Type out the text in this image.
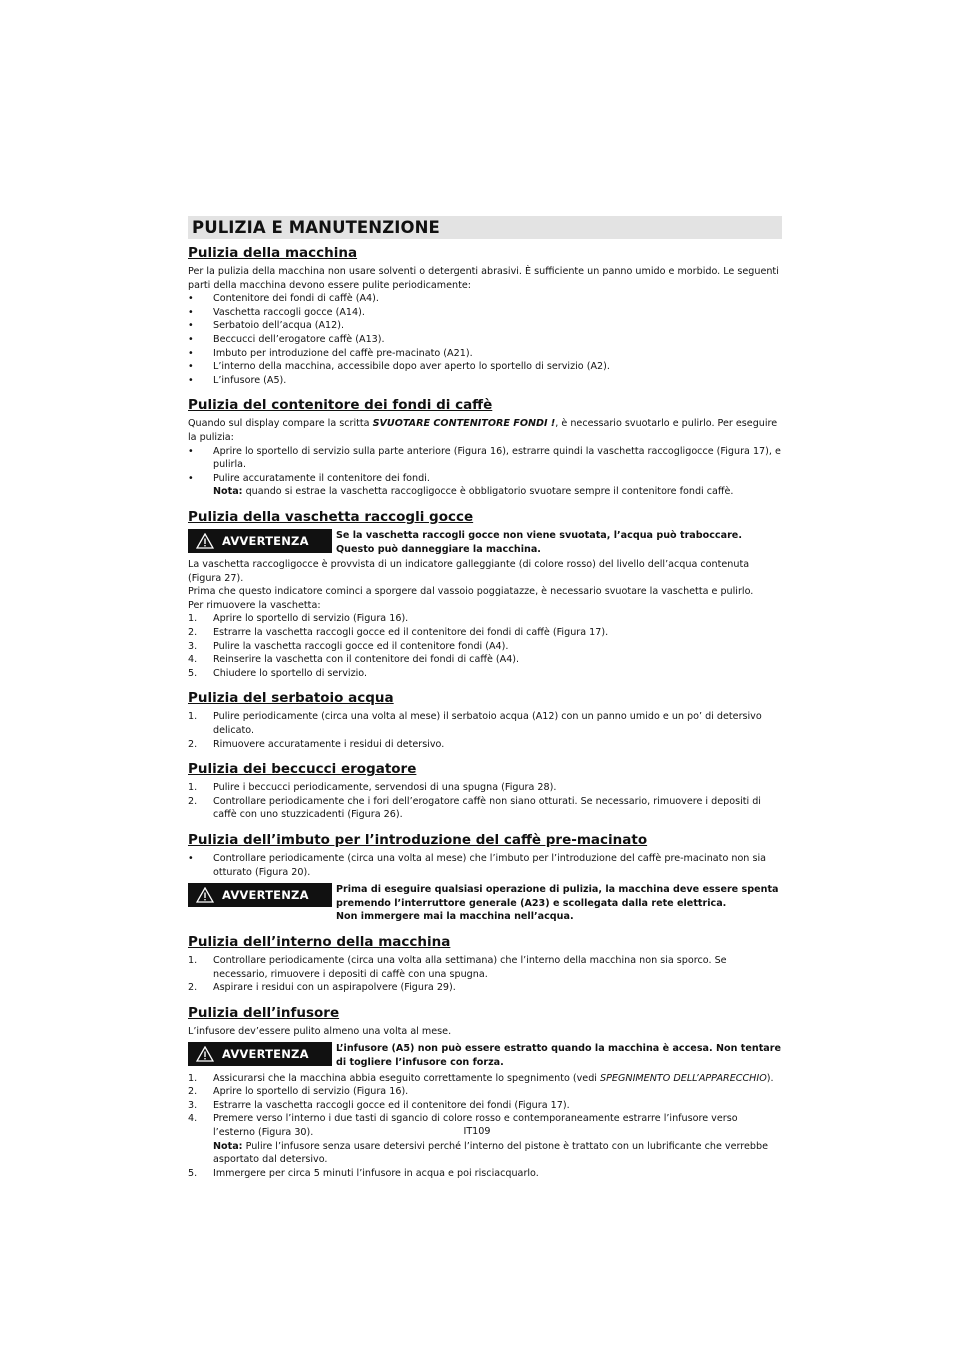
PULIZIA E MANUTENZIONE
Pulizia della macchina

Per la pulizia della macchina non usare solventi o detergenti abrasivi. È sufficiente un panno umido e morbido. Le seguenti parti della macchina devono essere pulite periodicamente:

• Contenitore dei fondi di caffè (A4).
• Vaschetta raccogli gocce (A14).
• Serbatoio dell’acqua (A12).
• Beccucci dell’erogatore caffè (A13).
• Imbuto per introduzione del caffè pre-macinato (A21).
• L’interno della macchina, accessibile dopo aver aperto lo sportello di servizio (A2).
• L’infusore (A5).
Pulizia del contenitore dei fondi di caffè

Quando sul display compare la scritta SVUOTARE CONTENITORE FONDI !, è necessario svuotarlo e pulirlo. Per eseguire la pulizia:

• Aprire lo sportello di servizio sulla parte anteriore (Figura 16), estrarre quindi la vaschetta raccogligocce (Figura 17), e pulirla.
• Pulire accuratamente il contenitore dei fondi.
Nota: quando si estrae la vaschetta raccogligocce è obbligatorio svuotare sempre il contenitore fondi caffè.
Pulizia della vaschetta raccogli gocce
AVVERTENZA	Se la vaschetta raccogli gocce non viene svuotata, l’acqua può traboccare. Questo può danneggiare la macchina.

La vaschetta raccogligocce è provvista di un indicatore galleggiante (di colore rosso) del livello dell’acqua contenuta (Figura 27).

Prima che questo indicatore cominci a sporgere dal vassoio poggiatazze, è necessario svuotare la vaschetta e pulirlo.

Per rimuovere la vaschetta:

1. Aprire lo sportello di servizio (Figura 16).
2. Estrarre la vaschetta raccogli gocce ed il contenitore dei fondi di caffè (Figura 17).
3. Pulire la vaschetta raccogli gocce ed il contenitore fondi (A4).
4. Reinserire la vaschetta con il contenitore dei fondi di caffè (A4).
5. Chiudere lo sportello di servizio.
Pulizia del serbatoio acqua
1. Pulire periodicamente (circa una volta al mese) il serbatoio acqua (A12) con un panno umido e un po’ di detersivo delicato.
2. Rimuovere accuratamente i residui di detersivo.
Pulizia dei beccucci erogatore
1. Pulire i beccucci periodicamente, servendosi di una spugna (Figura 28).
2. Controllare periodicamente che i fori dell’erogatore caffè non siano otturati. Se necessario, rimuovere i depositi di caffè con uno stuzzicadenti (Figura 26).
Pulizia dell’imbuto per l’introduzione del caffè pre-macinato
• Controllare periodicamente (circa una volta al mese) che l’imbuto per l’introduzione del caffè pre-macinato non sia otturato (Figura 20).
AVVERTENZA	Prima di eseguire qualsiasi operazione di pulizia, la macchina deve essere spenta premendo l’interruttore generale (A23) e scollegata dalla rete elettrica.
Non immergere mai la macchina nell’acqua.
Pulizia dell’interno della macchina
1. Controllare periodicamente (circa una volta alla settimana) che l’interno della macchina non sia sporco. Se necessario, rimuovere i depositi di caffè con una spugna.
2. Aspirare i residui con un aspirapolvere (Figura 29).
Pulizia dell’infusore

L’infusore dev’essere pulito almeno una volta al mese.

AVVERTENZA	L’infusore (A5) non può essere estratto quando la macchina è accesa. Non tentare di togliere l’infusore con forza.
1. Assicurarsi che la macchina abbia eseguito correttamente lo spegnimento (vedi SPEGNIMENTO DELL’APPARECCHIO).
2. Aprire lo sportello di servizio (Figura 16).
3. Estrarre la vaschetta raccogli gocce ed il contenitore dei fondi (Figura 17).
4. Premere verso l’interno i due tasti di sgancio di colore rosso e contemporaneamente estrarre l’infusore verso l’esterno (Figura 30).
Nota: Pulire l’infusore senza usare detersivi perché l’interno del pistone è trattato con un lubrificante che verrebbe asportato dal detersivo.
5. Immergere per circa 5 minuti l’infusore in acqua e poi risciacquarlo.
IT109
